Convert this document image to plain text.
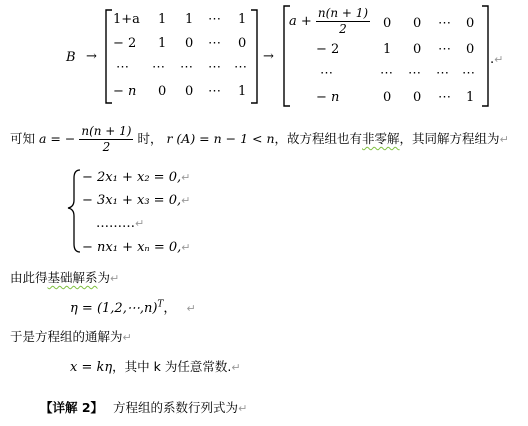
B →
1+a 1 1 ⋯ 1
− 2 1 0 ⋯ 0
⋯ ⋯ ⋯ ⋯ ⋯
− n 0 0 ⋯ 1
→
$a + \frac{n(n + 1)}{2} 0$ 0 ⋯ 0
− 2	1 0 ⋯ 0
⋯	⋯ ⋯ ⋯ ⋯
− n	0 0 ⋯ 1
.↵
可知 a = − $\frac{n(n + 1)}{2}$ 时， r (A) = n − 1 < n，故方程组也有非零解，其同解方程组为↵
− 2x₁ + x₂ = 0,↵
− 3x₁ + x₃ = 0,↵
………↵
− nx₁ + xₙ = 0,↵
由此得基础解系为↵
η = (1,2,⋯,n)$^T$， ↵
于是方程组的通解为↵
x = kη，其中 k 为任意常数.↵
【详解 2】 方程组的系数行列式为↵
